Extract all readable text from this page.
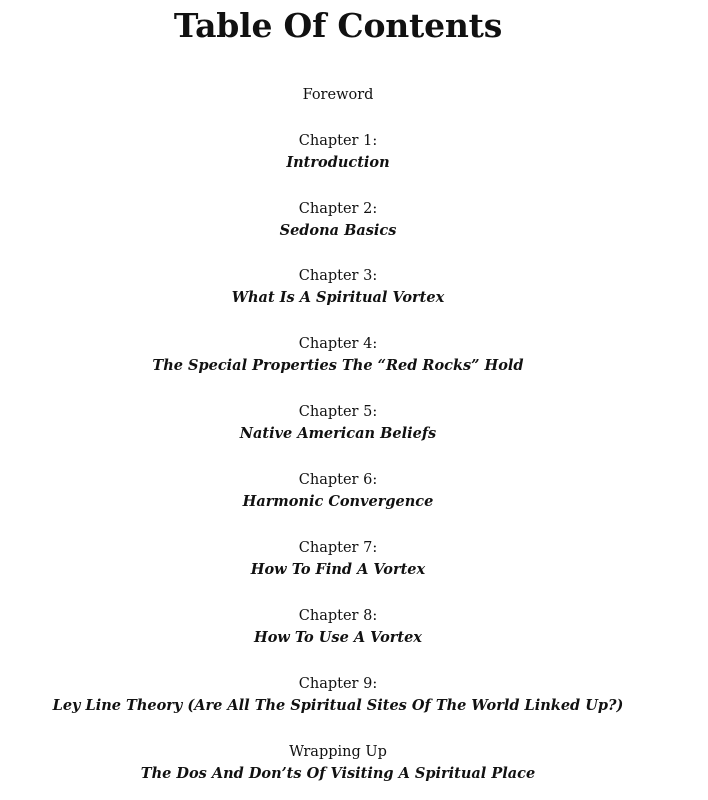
Table Of Contents
Foreword
Chapter 1:
Introduction
Chapter 2:
Sedona Basics
Chapter 3:
What Is A Spiritual Vortex
Chapter 4:
The Special Properties The “Red Rocks” Hold
Chapter 5:
Native American Beliefs
Chapter 6:
Harmonic Convergence
Chapter 7:
How To Find A Vortex
Chapter 8:
How To Use A Vortex
Chapter 9:
Ley Line Theory (Are All The Spiritual Sites Of The World Linked Up?)
Wrapping Up
The Dos And Don’ts Of Visiting A Spiritual Place
